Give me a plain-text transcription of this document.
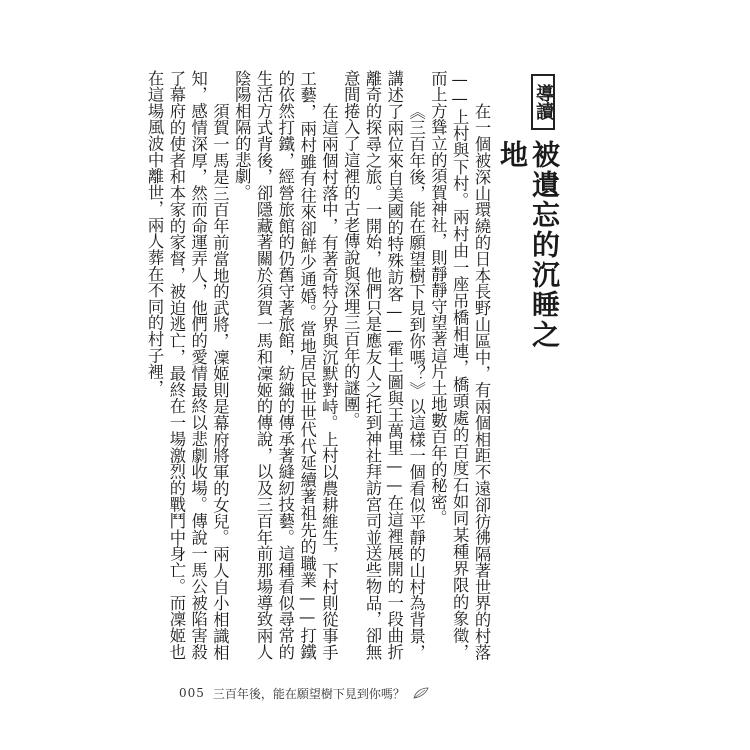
導讀
被遺忘的沉睡之地

在一個被深山環繞的日本長野山區中，有兩個相距不遠卻彷彿隔著世界的村落——上村與下村。兩村由一座吊橋相連，橋頭處的百度石如同某種界限的象徵，而上方聳立的須賀神社，則靜靜守望著這片土地數百年的秘密。

《三百年後，能在願望樹下見到你嗎？》以這樣一個看似平靜的山村為背景，講述了兩位來自美國的特殊訪客——霍士圖與王萬里——在這裡展開的一段曲折離奇的探尋之旅。一開始，他們只是應友人之托到神社拜訪宮司並送些物品，卻無意間捲入了這裡的古老傳說與深埋三百年的謎團。

在這兩個村落中，有著奇特分界與沉默對峙。上村以農耕維生，下村則從事手工藝，兩村雖有往來卻鮮少通婚。當地居民世世代代延續著祖先的職業——打鐵的依然打鐵，經營旅館的仍舊守著旅館，紡織的傳承著縫紉技藝。這種看似尋常的生活方式背後，卻隱藏著關於須賀一馬和凜姬的傳說，以及三百年前那場導致兩人陰陽相隔的悲劇。

須賀一馬是三百年前當地的武將，凜姬則是幕府將軍的女兒。兩人自小相識相知，感情深厚，然而命運弄人，他們的愛情最終以悲劇收場。傳說一馬公被陷害殺了幕府的使者和本家的家督，被迫逃亡，最終在一場激烈的戰鬥中身亡。而凜姬也在這場風波中離世，兩人葬在不同的村子裡，

005 三百年後，能在願望樹下見到你嗎？
